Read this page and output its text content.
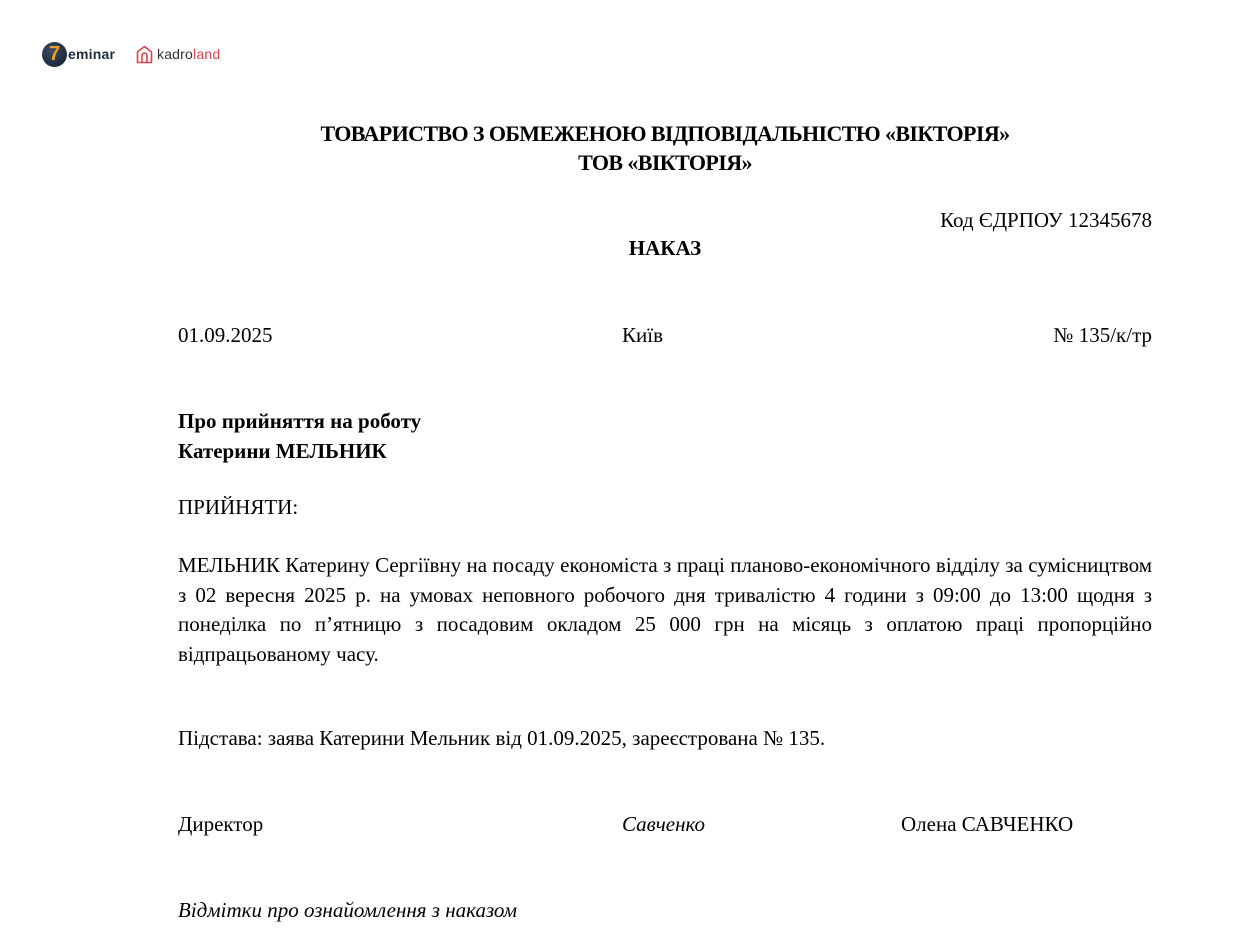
7 eminar	kadroland
ТОВАРИСТВО З ОБМЕЖЕНОЮ ВІДПОВІДАЛЬНІСТЮ «ВІКТОРІЯ»
ТОВ «ВІКТОРІЯ»
Код ЄДРПОУ 12345678
НАКАЗ
01.09.2025	Київ	№ 135/к/тр
Про прийняття на роботу
Катерини МЕЛЬНИК
ПРИЙНЯТИ:
МЕЛЬНИК Катерину Сергіївну на посаду економіста з праці планово-економічного відділу за сумісництвом з 02 вересня 2025 р. на умовах неповного робочого дня тривалістю 4 години з 09:00 до 13:00 щодня з понеділка по п’ятницю з посадовим окладом 25 000 грн на місяць з оплатою праці пропорційно відпрацьованому часу.
Підстава: заява Катерини Мельник від 01.09.2025, зареєстрована № 135.
Директор	Савченко	Олена САВЧЕНКО
Відмітки про ознайомлення з наказом
